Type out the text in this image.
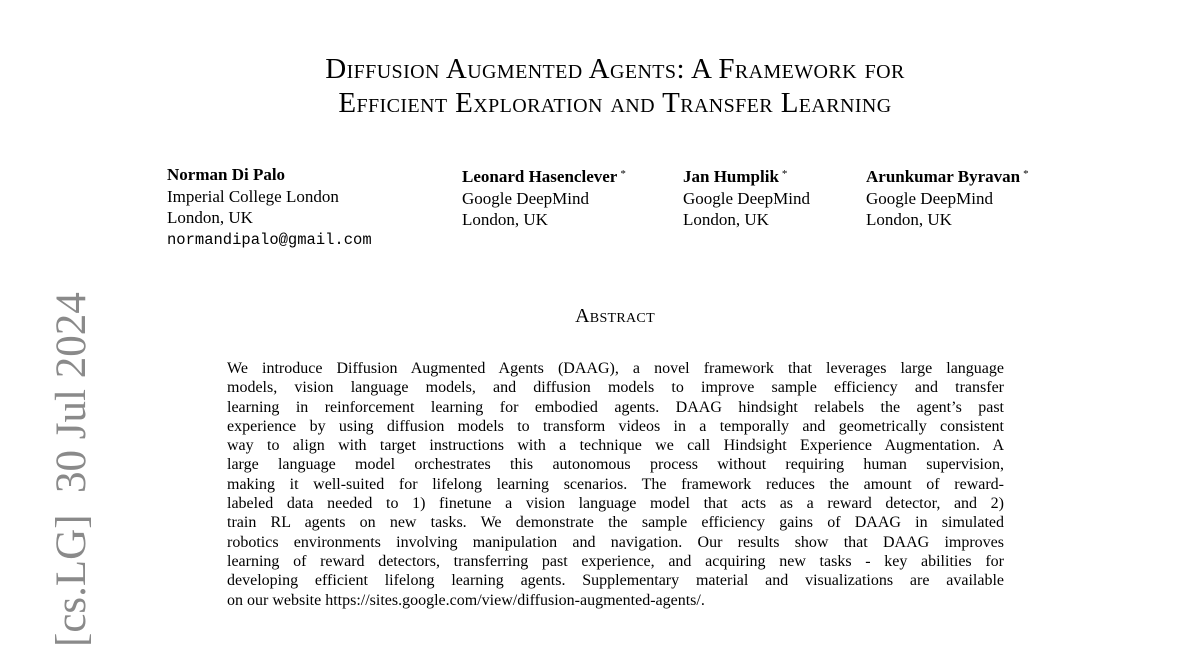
Diffusion Augmented Agents: A Framework for
Efficient Exploration and Transfer Learning
Norman Di Palo
Imperial College London
London, UK
normandipalo@gmail.com
Leonard Hasenclever *
Google DeepMind
London, UK
Jan Humplik *
Google DeepMind
London, UK
Arunkumar Byravan *
Google DeepMind
London, UK
Abstract
We introduce Diffusion Augmented Agents (DAAG), a novel framework that leverages large language
models, vision language models, and diffusion models to improve sample efficiency and transfer
learning in reinforcement learning for embodied agents. DAAG hindsight relabels the agent’s past
experience by using diffusion models to transform videos in a temporally and geometrically consistent
way to align with target instructions with a technique we call Hindsight Experience Augmentation. A
large language model orchestrates this autonomous process without requiring human supervision,
making it well-suited for lifelong learning scenarios. The framework reduces the amount of reward-
labeled data needed to 1) finetune a vision language model that acts as a reward detector, and 2)
train RL agents on new tasks. We demonstrate the sample efficiency gains of DAAG in simulated
robotics environments involving manipulation and navigation. Our results show that DAAG improves
learning of reward detectors, transferring past experience, and acquiring new tasks - key abilities for
developing efficient lifelong learning agents. Supplementary material and visualizations are available
on our website https://sites.google.com/view/diffusion-augmented-agents/.
[cs.LG]  30 Jul 2024
